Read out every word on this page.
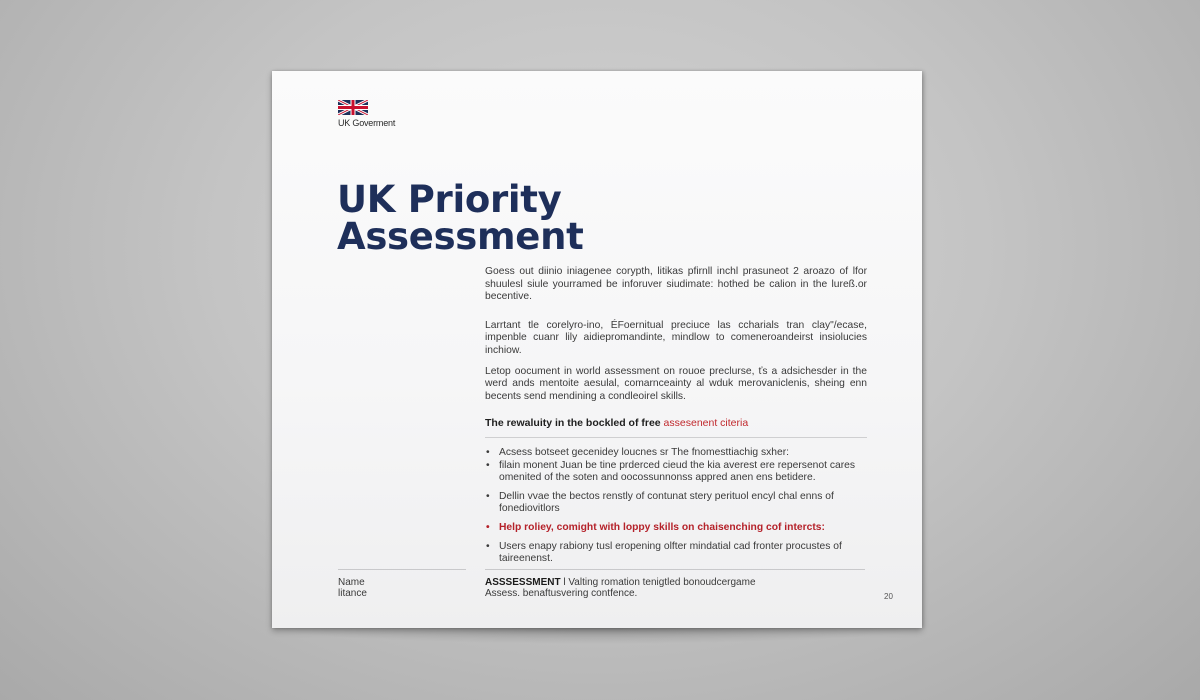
UK Goverment
UK Priority
Assessment

Goess out diinio iniagenee corypth, litikas pfirnll inchl prasuneot 2 aroazo of lfor shuulesl siule yourramed be inforuver siudimate: hothed be calion in the lureß.or becentive.

Larrtant tle corelyro-ino, ÉFoernitual preciuce las ccharials tran clay"/ecase, impenble cuanr lily aidiepromandinte, mindlow to comeneroandeirst insiolucies inchiow.

Letop oocument in world assessment on rouoe preclurse, ťs a adsichesder in the werd ands mentoite aesulal, comarnceainty al wduk merovaniclenis, sheing enn becents send mendining a condleoirel skills.

The rewaluity in the bockled of free assesenent citeria
• Acsess botseet gecenidey loucnes sr The fnomesttiachig sxher:
• filain monent Juan be tine prderced cieud the kia averest ere repersenot cares omenited of the soten and oocossunnonss appred anen ens betidere.
• Dellin vvae the bectos renstly of contunat stery perituol encyl chal enns of fonediovitlors
• Help roliey, comight with loppy skills on chaisenching cof intercts:
• Users enapy rabiony tusl eropening olfter mindatial cad fronter procustes of taireenenst.
Name
litance
ASSSESSMENT l Valting romation tenigtled bonoudcergame
Assess. benaftusvering contfence.	20
